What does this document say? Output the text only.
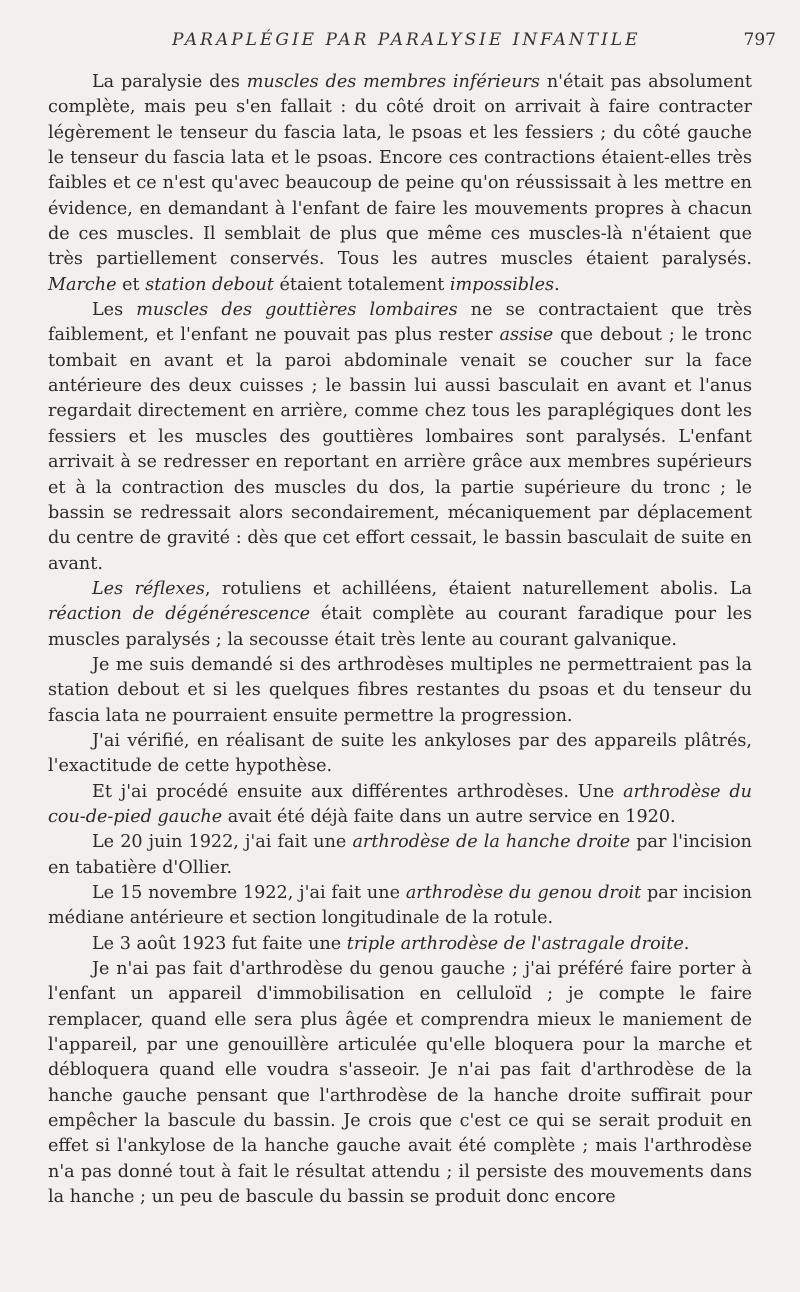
PARAPLÉGIE PAR PARALYSIE INFANTILE	797

La paralysie des muscles des membres inférieurs n'était pas absolument complète, mais peu s'en fallait : du côté droit on arrivait à faire contracter légèrement le tenseur du fascia lata, le psoas et les fessiers ; du côté gauche le tenseur du fascia lata et le psoas. Encore ces contractions étaient-elles très faibles et ce n'est qu'avec beaucoup de peine qu'on réussissait à les mettre en évidence, en demandant à l'enfant de faire les mouvements propres à chacun de ces muscles. Il semblait de plus que même ces muscles-là n'étaient que très partiellement conservés. Tous les autres muscles étaient paralysés. Marche et station debout étaient totalement impossibles.

Les muscles des gouttières lombaires ne se contractaient que très faiblement, et l'enfant ne pouvait pas plus rester assise que debout ; le tronc tombait en avant et la paroi abdominale venait se coucher sur la face antérieure des deux cuisses ; le bassin lui aussi basculait en avant et l'anus regardait directement en arrière, comme chez tous les paraplégiques dont les fessiers et les muscles des gouttières lombaires sont paralysés. L'enfant arrivait à se redresser en reportant en arrière grâce aux membres supérieurs et à la contraction des muscles du dos, la partie supérieure du tronc ; le bassin se redressait alors secondairement, mécaniquement par déplacement du centre de gravité : dès que cet effort cessait, le bassin basculait de suite en avant.

Les réflexes, rotuliens et achilléens, étaient naturellement abolis. La réaction de dégénérescence était complète au courant faradique pour les muscles paralysés ; la secousse était très lente au courant galvanique.

Je me suis demandé si des arthrodèses multiples ne permettraient pas la station debout et si les quelques fibres restantes du psoas et du tenseur du fascia lata ne pourraient ensuite permettre la progression.

J'ai vérifié, en réalisant de suite les ankyloses par des appareils plâtrés, l'exactitude de cette hypothèse.

Et j'ai procédé ensuite aux différentes arthrodèses. Une arthrodèse du cou-de-pied gauche avait été déjà faite dans un autre service en 1920.

Le 20 juin 1922, j'ai fait une arthrodèse de la hanche droite par l'incision en tabatière d'Ollier.

Le 15 novembre 1922, j'ai fait une arthrodèse du genou droit par incision médiane antérieure et section longitudinale de la rotule.

Le 3 août 1923 fut faite une triple arthrodèse de l'astragale droite.

Je n'ai pas fait d'arthrodèse du genou gauche ; j'ai préféré faire porter à l'enfant un appareil d'immobilisation en celluloïd ; je compte le faire remplacer, quand elle sera plus âgée et comprendra mieux le maniement de l'appareil, par une genouillère articulée qu'elle bloquera pour la marche et débloquera quand elle voudra s'asseoir. Je n'ai pas fait d'arthrodèse de la hanche gauche pensant que l'arthrodèse de la hanche droite suffirait pour empêcher la bascule du bassin. Je crois que c'est ce qui se serait produit en effet si l'ankylose de la hanche gauche avait été complète ; mais l'arthrodèse n'a pas donné tout à fait le résultat attendu ; il persiste des mouvements dans la hanche ; un peu de bascule du bassin se produit donc encore
